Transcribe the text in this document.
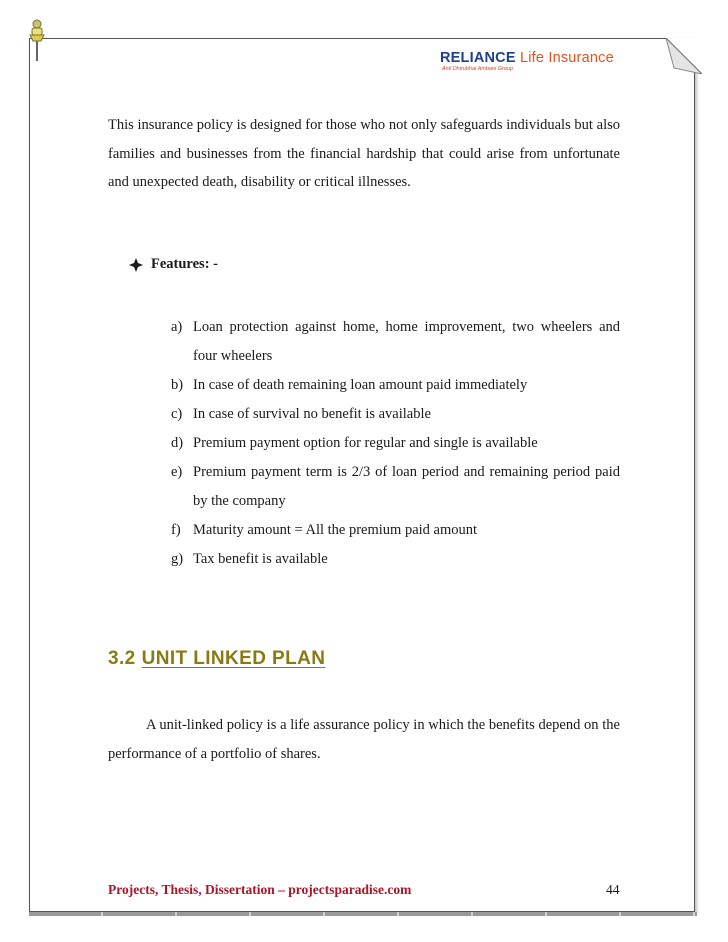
RELIANCE Life Insurance
Anil Dhirubhai Ambani Group
This insurance policy is designed for those who not only safeguards individuals but also families and businesses from the financial hardship that could arise from unfortunate and unexpected death, disability or critical illnesses.
Features: -
a) Loan protection against home, home improvement, two wheelers and four wheelers
b) In case of death remaining loan amount paid immediately
c) In case of survival no benefit is available
d) Premium payment option for regular and single is available
e) Premium payment term is 2/3 of loan period and remaining period paid by the company
f) Maturity amount = All the premium paid amount
g) Tax benefit is available
3.2 UNIT LINKED PLAN
A unit-linked policy is a life assurance policy in which the benefits depend on the performance of a portfolio of shares.
Projects, Thesis, Dissertation – projectsparadise.com	44
